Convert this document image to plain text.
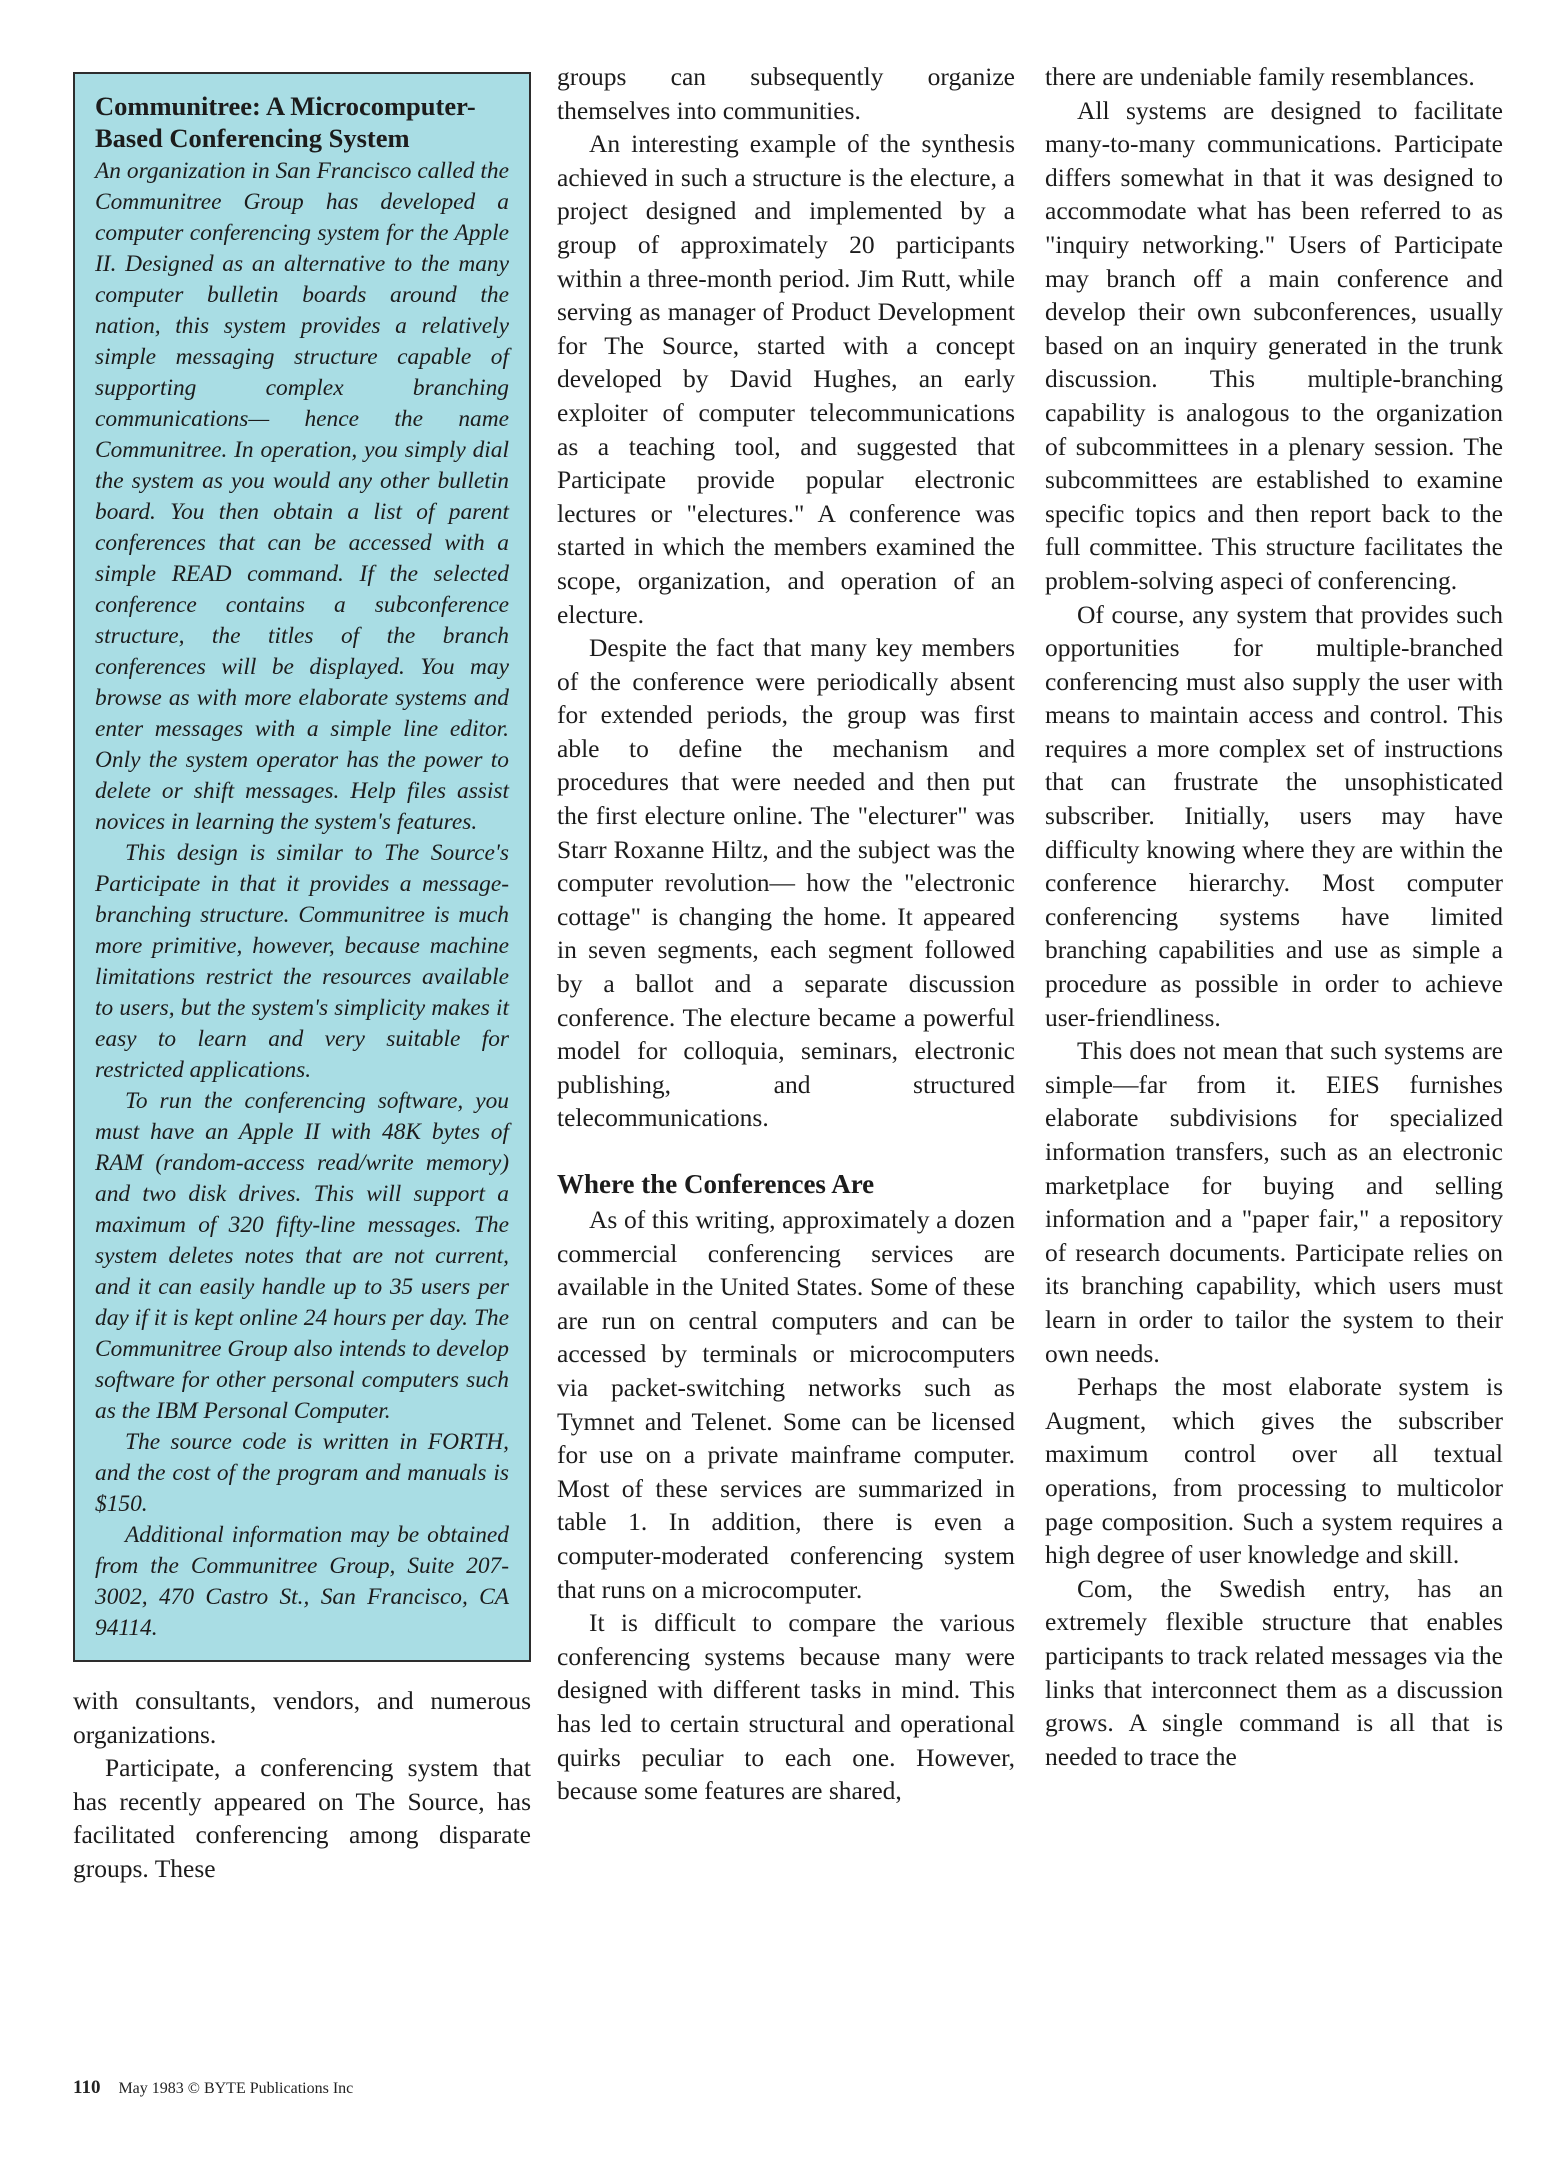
Communitree: A Microcomputer-Based Conferencing System

An organization in San Francisco called the Communitree Group has developed a computer conferencing system for the Apple II. Designed as an alternative to the many computer bulletin boards around the nation, this system provides a relatively simple messaging structure capable of supporting complex branching communications— hence the name Communitree. In operation, you simply dial the system as you would any other bulletin board. You then obtain a list of parent conferences that can be accessed with a simple READ command. If the selected conference contains a subconference structure, the titles of the branch conferences will be displayed. You may browse as with more elaborate systems and enter messages with a simple line editor. Only the system operator has the power to delete or shift messages. Help files assist novices in learning the system's features.

This design is similar to The Source's Participate in that it provides a message-branching structure. Communitree is much more primitive, however, because machine limitations restrict the resources available to users, but the system's simplicity makes it easy to learn and very suitable for restricted applications.

To run the conferencing software, you must have an Apple II with 48K bytes of RAM (random-access read/write memory) and two disk drives. This will support a maximum of 320 fifty-line messages. The system deletes notes that are not current, and it can easily handle up to 35 users per day if it is kept online 24 hours per day. The Communitree Group also intends to develop software for other personal computers such as the IBM Personal Computer.

The source code is written in FORTH, and the cost of the program and manuals is $150.

Additional information may be obtained from the Communitree Group, Suite 207-3002, 470 Castro St., San Francisco, CA 94114.

with consultants, vendors, and numerous organizations.

Participate, a conferencing system that has recently appeared on The Source, has facilitated conferencing among disparate groups. These

groups can subsequently organize themselves into communities.

An interesting example of the synthesis achieved in such a structure is the electure, a project designed and implemented by a group of approximately 20 participants within a three-month period. Jim Rutt, while serving as manager of Product Development for The Source, started with a concept developed by David Hughes, an early exploiter of computer telecommunications as a teaching tool, and suggested that Participate provide popular electronic lectures or "electures." A conference was started in which the members examined the scope, organization, and operation of an electure.

Despite the fact that many key members of the conference were periodically absent for extended periods, the group was first able to define the mechanism and procedures that were needed and then put the first electure online. The "electurer" was Starr Roxanne Hiltz, and the subject was the computer revolution— how the "electronic cottage" is changing the home. It appeared in seven segments, each segment followed by a ballot and a separate discussion conference. The electure became a powerful model for colloquia, seminars, electronic publishing, and structured telecommunications.

Where the Conferences Are

As of this writing, approximately a dozen commercial conferencing services are available in the United States. Some of these are run on central computers and can be accessed by terminals or microcomputers via packet-switching networks such as Tymnet and Telenet. Some can be licensed for use on a private mainframe computer. Most of these services are summarized in table 1. In addition, there is even a computer-moderated conferencing system that runs on a microcomputer.

It is difficult to compare the various conferencing systems because many were designed with different tasks in mind. This has led to certain structural and operational quirks peculiar to each one. However, because some features are shared,

there are undeniable family resemblances.

All systems are designed to facilitate many-to-many communications. Participate differs somewhat in that it was designed to accommodate what has been referred to as "inquiry networking." Users of Participate may branch off a main conference and develop their own subconferences, usually based on an inquiry generated in the trunk discussion. This multiple-branching capability is analogous to the organization of subcommittees in a plenary session. The subcommittees are established to examine specific topics and then report back to the full committee. This structure facilitates the problem-solving aspeci of conferencing.

Of course, any system that provides such opportunities for multiple-branched conferencing must also supply the user with means to maintain access and control. This requires a more complex set of instructions that can frustrate the unsophisticated subscriber. Initially, users may have difficulty knowing where they are within the conference hierarchy. Most computer conferencing systems have limited branching capabilities and use as simple a procedure as possible in order to achieve user-friendliness.

This does not mean that such systems are simple—far from it. EIES furnishes elaborate subdivisions for specialized information transfers, such as an electronic marketplace for buying and selling information and a "paper fair," a repository of research documents. Participate relies on its branching capability, which users must learn in order to tailor the system to their own needs.

Perhaps the most elaborate system is Augment, which gives the subscriber maximum control over all textual operations, from processing to multicolor page composition. Such a system requires a high degree of user knowledge and skill.

Com, the Swedish entry, has an extremely flexible structure that enables participants to track related messages via the links that interconnect them as a discussion grows. A single command is all that is needed to trace the

110 May 1983 © BYTE Publications Inc
